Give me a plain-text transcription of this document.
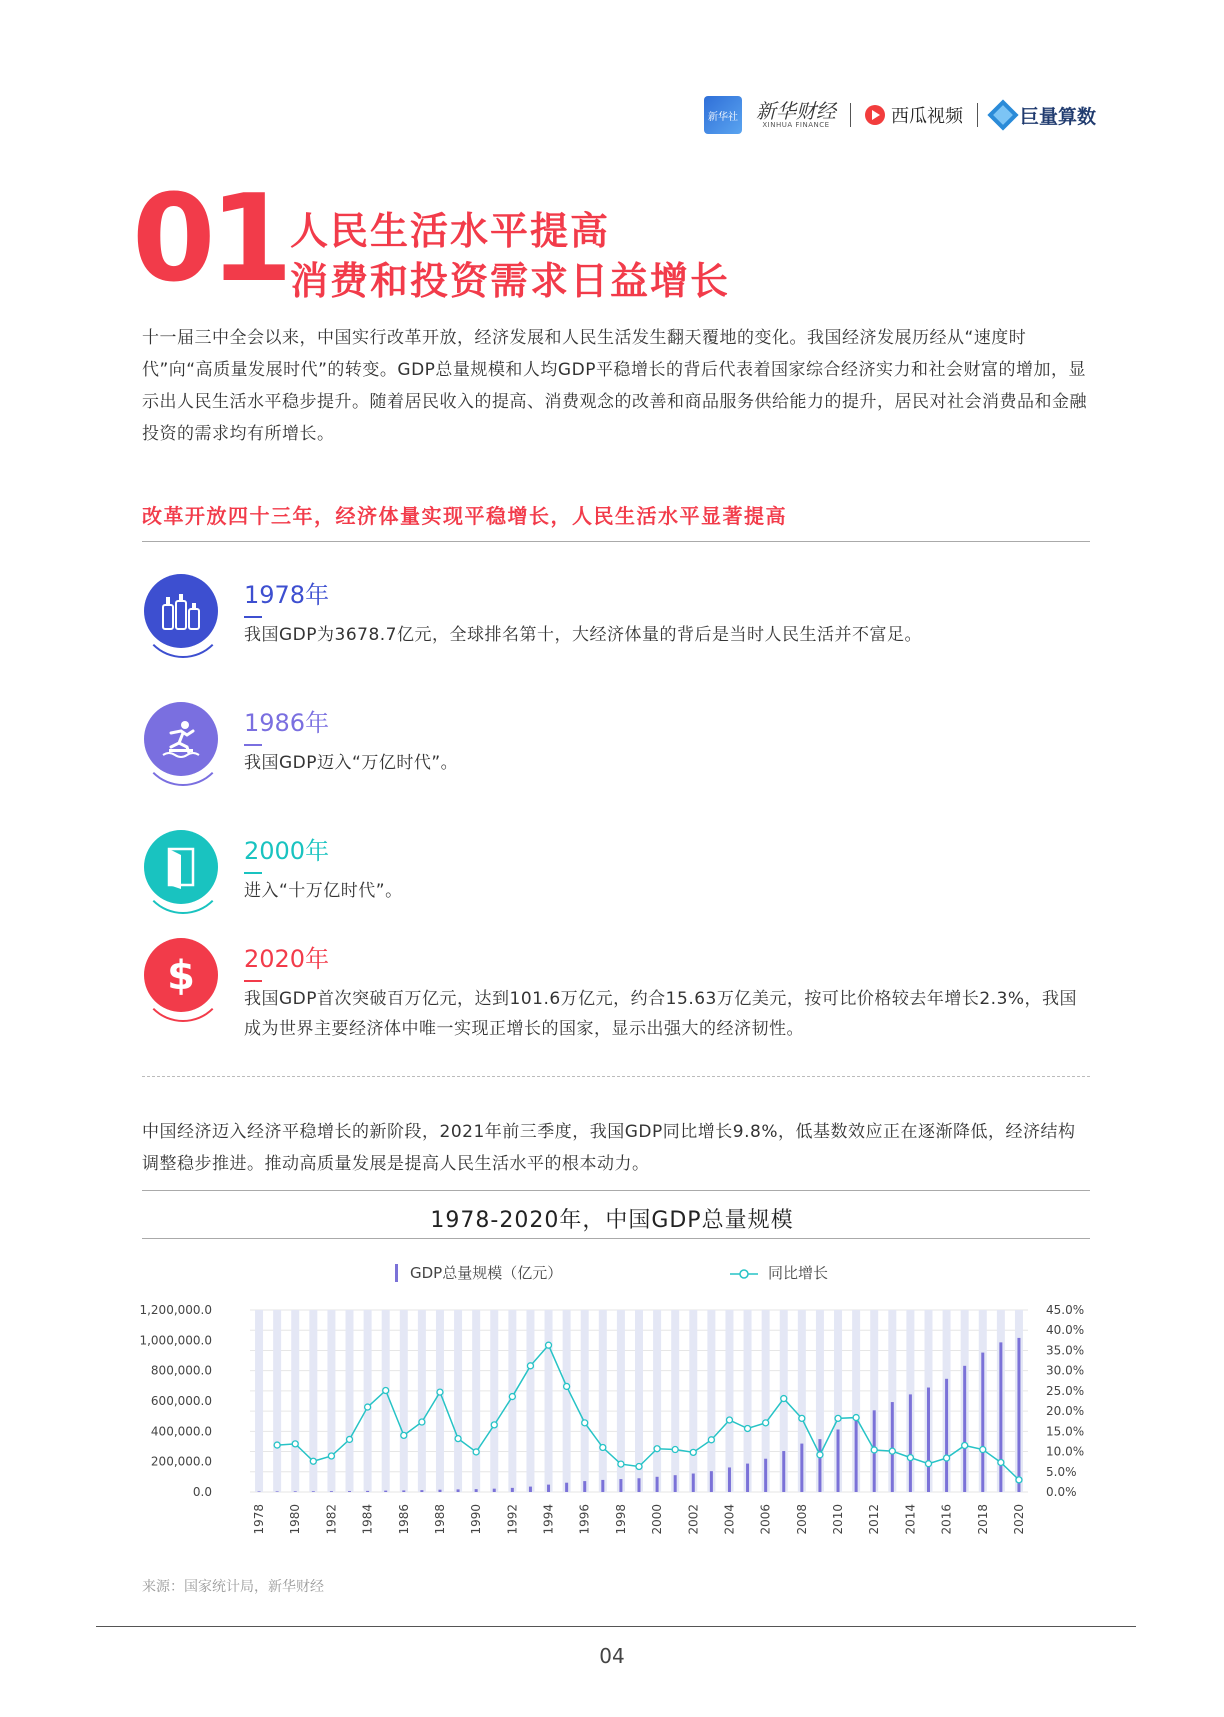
新华社 新华财经
XINHUA FINANCE	西瓜视频	巨量算数
01 人民生活水平提高
消费和投资需求日益增长
十一届三中全会以来，中国实行改革开放，经济发展和人民生活发生翻天覆地的变化。我国经济发展历经从“速度时代”向“高质量发展时代”的转变。GDP总量规模和人均GDP平稳增长的背后代表着国家综合经济实力和社会财富的增加，显示出人民生活水平稳步提升。随着居民收入的提高、消费观念的改善和商品服务供给能力的提升，居民对社会消费品和金融投资的需求均有所增长。
改革开放四十三年，经济体量实现平稳增长，人民生活水平显著提高
1978年
我国GDP为3678.7亿元，全球排名第十，大经济体量的背后是当时人民生活并不富足。
1986年
我国GDP迈入“万亿时代”。
2000年
进入“十万亿时代”。
$ 2020年
我国GDP首次突破百万亿元，达到101.6万亿元，约合15.63万亿美元，按可比价格较去年增长2.3%，我国成为世界主要经济体中唯一实现正增长的国家，显示出强大的经济韧性。
中国经济迈入经济平稳增长的新阶段，2021年前三季度，我国GDP同比增长9.8%，低基数效应正在逐渐降低，经济结构调整稳步推进。推动高质量发展是提高人民生活水平的根本动力。
1978-2020年，中国GDP总量规模
GDP总量规模（亿元）	同比增长
0.0
200,000.0
400,000.0
600,000.0
800,000.0
1,000,000.0
1,200,000.0
0.0%
5.0%
10.0%
15.0%
20.0%
25.0%
30.0%
35.0%
40.0%
45.0%
1978 1980 1982 1984 1986 1988 1990 1992 1994 1996 1998 2000 2002 2004 2006 2008 2010 2012 2014 2016 2018 2020
来源：国家统计局，新华财经
04
